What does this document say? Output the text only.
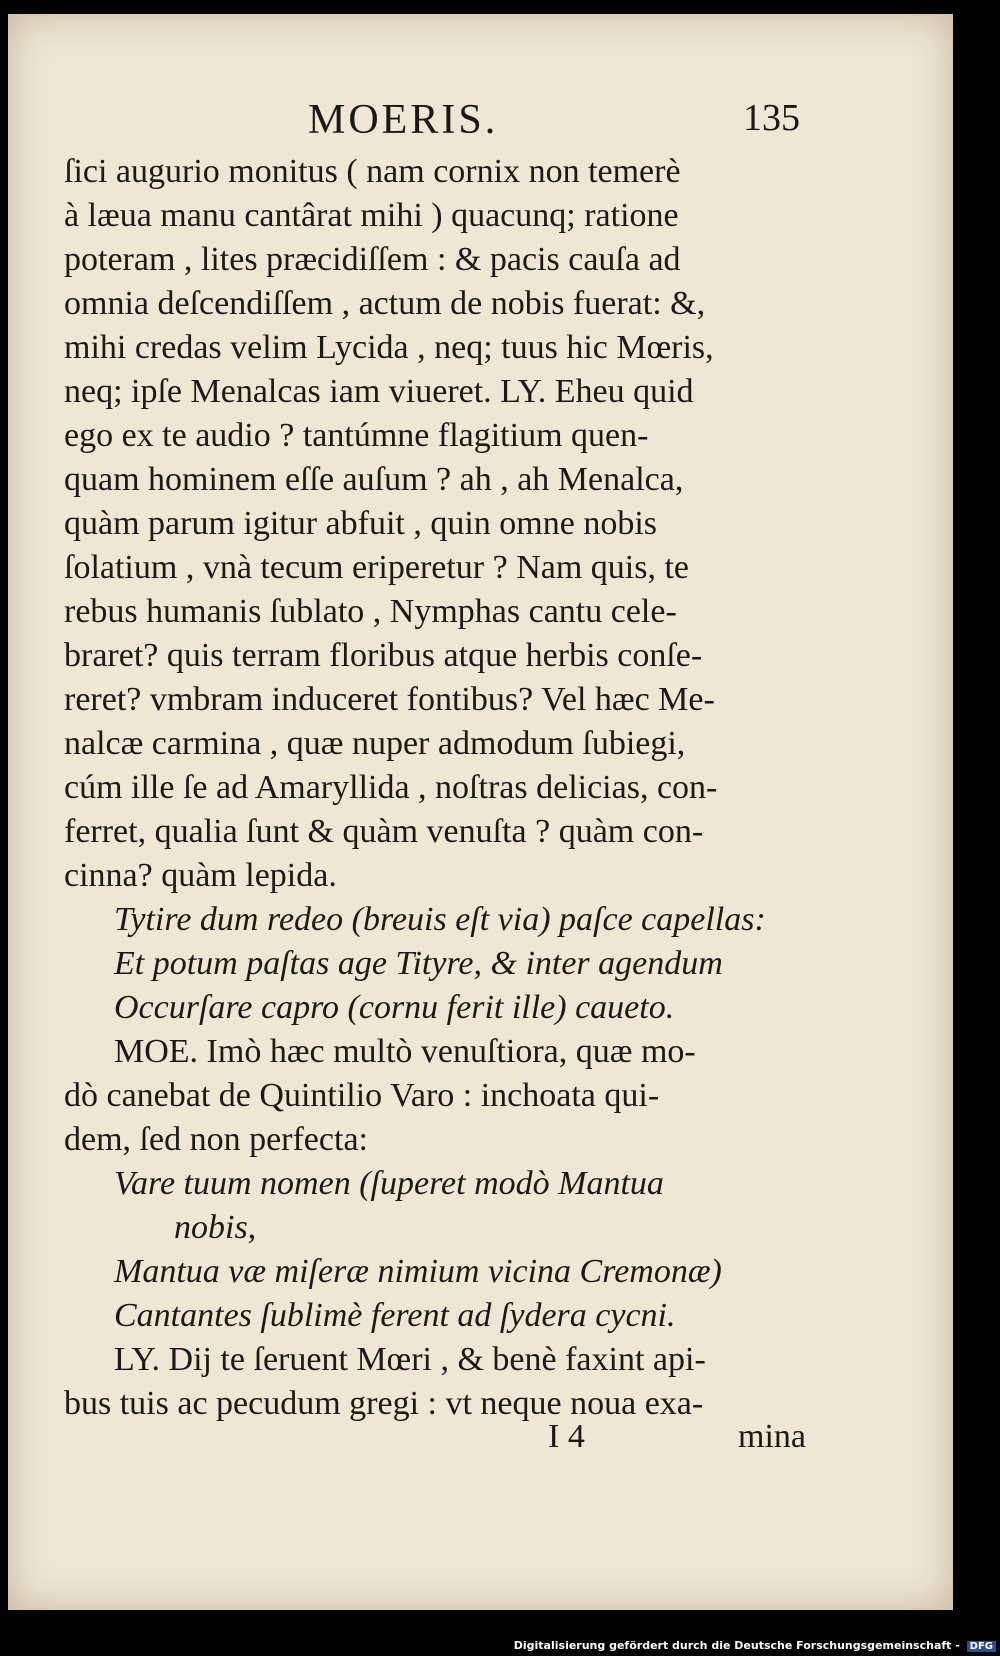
MOERIS.	135
ſici augurio monitus ( nam cornix non temerè
à læua manu cantârat mihi ) quacunq; ratione
poteram , lites præcidiſſem : & pacis cauſa ad
omnia deſcendiſſem , actum de nobis fuerat: &,
mihi credas velim Lycida , neq; tuus hic Mœris,
neq; ipſe Menalcas iam viueret. LY. Eheu quid
ego ex te audio ? tantúmne flagitium quen-
quam hominem eſſe auſum ? ah , ah Menalca,
quàm parum igitur abfuit , quin omne nobis
ſolatium , vnà tecum eriperetur ? Nam quis, te
rebus humanis ſublato , Nymphas cantu cele-
braret? quis terram floribus atque herbis conſe-
reret? vmbram induceret fontibus? Vel hæc Me-
nalcæ carmina , quæ nuper admodum ſubiegi,
cúm ille ſe ad Amaryllida , noſtras delicias, con-
ferret, qualia ſunt & quàm venuſta ? quàm con-
cinna? quàm lepida.
Tytire dum redeo (breuis eſt via) paſce capellas:
Et potum paſtas age Tityre, & inter agendum
Occurſare capro (cornu ferit ille) caueto.
MOE. Imò hæc multò venuſtiora, quæ mo-
dò canebat de Quintilio Varo : inchoata qui-
dem, ſed non perfecta:
Vare tuum nomen (ſuperet modò Mantua
nobis,
Mantua væ miſeræ nimium vicina Cremonæ)
Cantantes ſublimè ferent ad ſydera cycni.
LY. Dij te ſeruent Mœri , & benè faxint api-
bus tuis ac pecudum gregi : vt neque noua exa-
I 4	mina
Digitalisierung gefördert durch die Deutsche Forschungsgemeinschaft - DFG
